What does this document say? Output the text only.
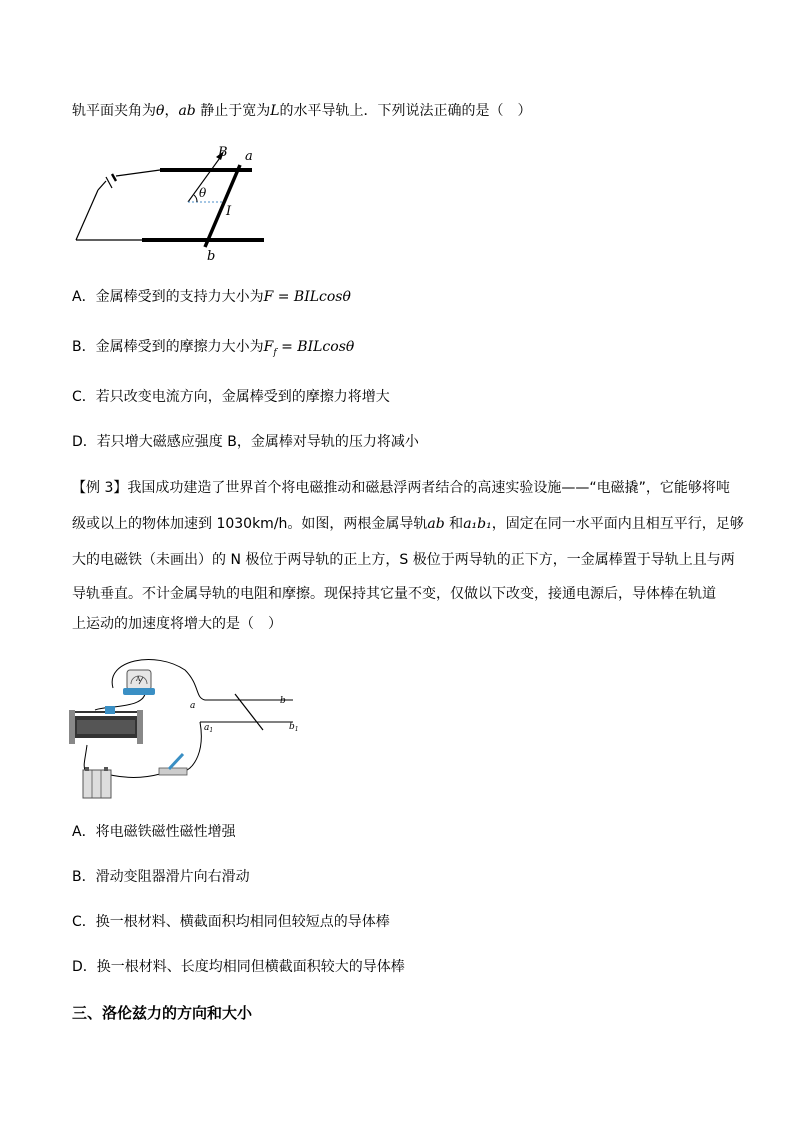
轨平面夹角为θ，ab 静止于宽为L的水平导轨上．下列说法正确的是（　）
B a
θ
I
b
A．金属棒受到的支持力大小为F = BILcosθ
B．金属棒受到的摩擦力大小为$F_f = BILcos\theta$
C．若只改变电流方向，金属棒受到的摩擦力将增大
D．若只增大磁感应强度 B，金属棒对导轨的压力将减小
【例 3】我国成功建造了世界首个将电磁推动和磁悬浮两者结合的高速实验设施——“电磁撬”，它能够将吨
级或以上的物体加速到 1030km/h。如图，两根金属导轨ab 和a₁b₁，固定在同一水平面内且相互平行，足够
大的电磁铁（未画出）的 N 极位于两导轨的正上方，S 极位于两导轨的正下方，一金属棒置于导轨上且与两
导轨垂直。不计金属导轨的电阻和摩擦。现保持其它量不变，仅做以下改变，接通电源后，导体棒在轨道
上运动的加速度将增大的是（　）
A
a	b
$a_1$	$b_1$
A．将电磁铁磁性磁性增强
B．滑动变阻器滑片向右滑动
C．换一根材料、横截面积均相同但较短点的导体棒
D．换一根材料、长度均相同但横截面积较大的导体棒
三、洛伦兹力的方向和大小
